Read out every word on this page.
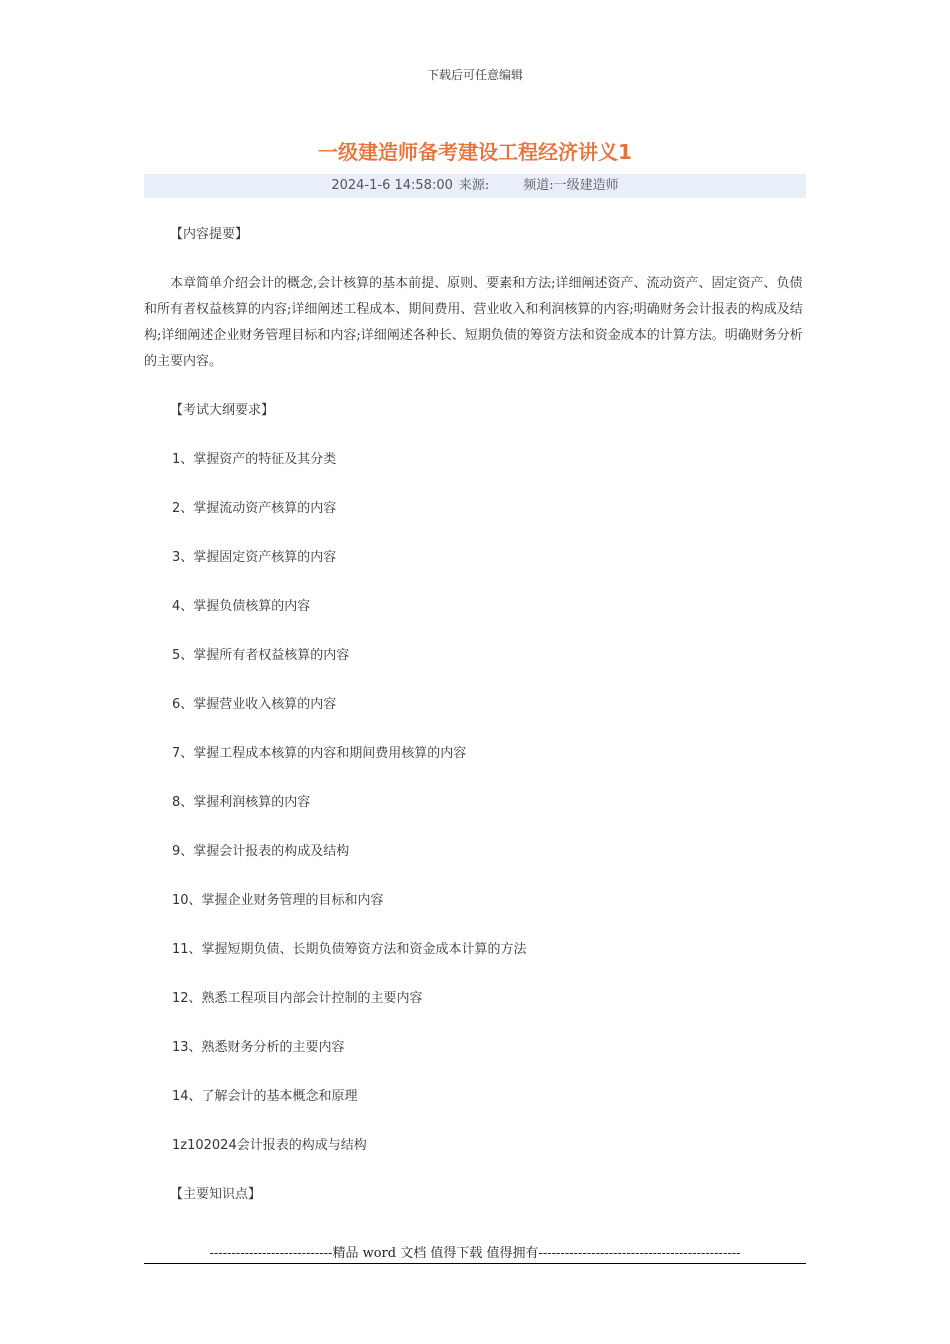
下载后可任意编辑
一级建造师备考建设工程经济讲义1
2024-1-6 14:58:00 来源:	频道:一级建造师
【内容提要】
本章简单介绍会计的概念,会计核算的基本前提、原则、要素和方法;详细阐述资产、流动资产、固定资产、负债和所有者权益核算的内容;详细阐述工程成本、期间费用、营业收入和利润核算的内容;明确财务会计报表的构成及结构;详细阐述企业财务管理目标和内容;详细阐述各种长、短期负债的筹资方法和资金成本的计算方法。明确财务分析的主要内容。
【考试大纲要求】
1、掌握资产的特征及其分类
2、掌握流动资产核算的内容
3、掌握固定资产核算的内容
4、掌握负债核算的内容
5、掌握所有者权益核算的内容
6、掌握营业收入核算的内容
7、掌握工程成本核算的内容和期间费用核算的内容
8、掌握利润核算的内容
9、掌握会计报表的构成及结构
10、掌握企业财务管理的目标和内容
11、掌握短期负债、长期负债筹资方法和资金成本计算的方法
12、熟悉工程项目内部会计控制的主要内容
13、熟悉财务分析的主要内容
14、了解会计的基本概念和原理
1z102024会计报表的构成与结构
【主要知识点】
----------------------------精品 word 文档 值得下载 值得拥有----------------------------------------------
